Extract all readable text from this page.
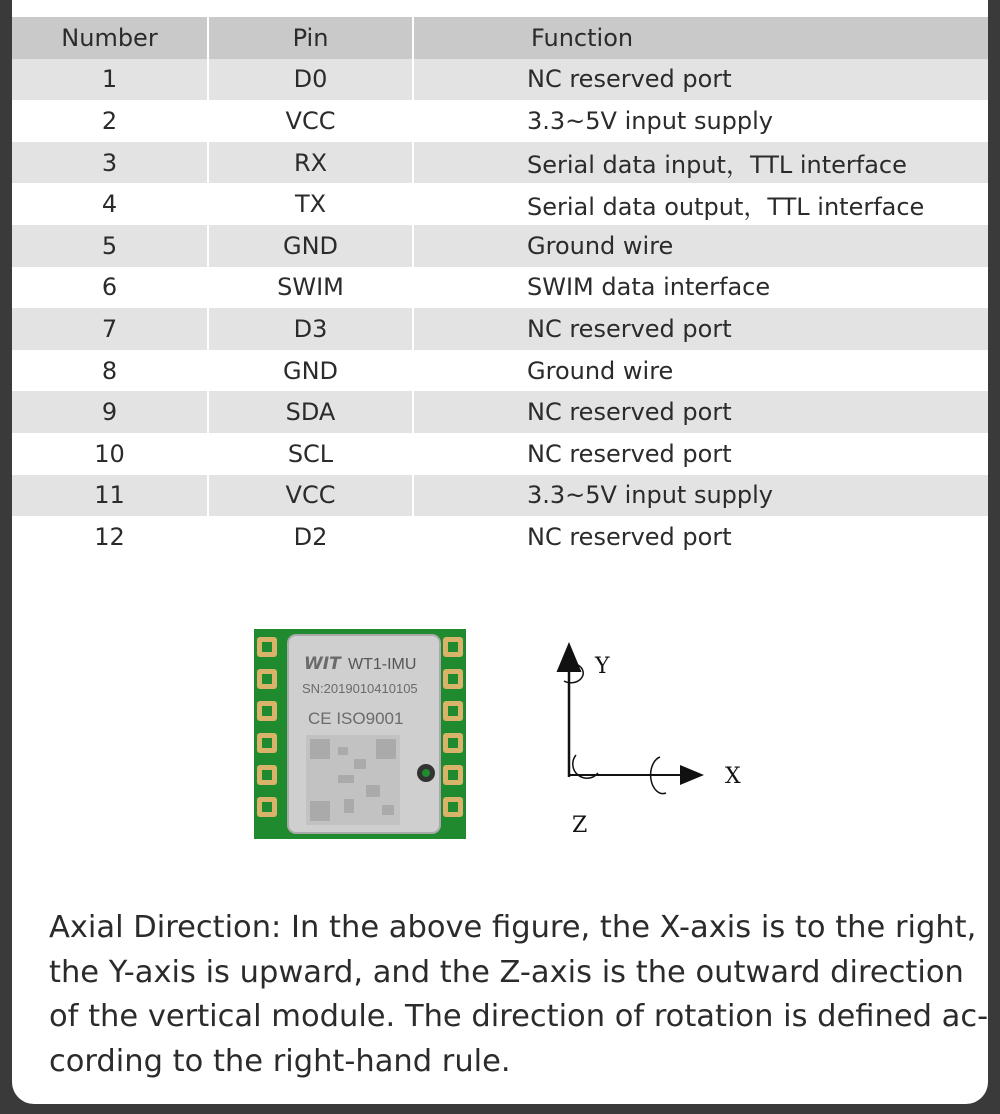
Number	Pin	Function
1	D0	NC reserved port
2	VCC	3.3~5V input supply
3	RX	Serial data input，TTL interface
4	TX	Serial data output，TTL interface
5	GND	Ground wire
6	SWIM	SWIM data interface
7	D3	NC reserved port
8	GND	Ground wire
9	SDA	NC reserved port
10	SCL	NC reserved port
11	VCC	3.3~5V input supply
12	D2	NC reserved port
WIT WT1-IMU
SN:2019010410105
CE ISO9001
Y
X
Z
Axial Direction: In the above figure, the X-axis is to the right,
the Y-axis is upward, and the Z-axis is the outward direction
of the vertical module. The direction of rotation is defined ac-
cording to the right-hand rule.
